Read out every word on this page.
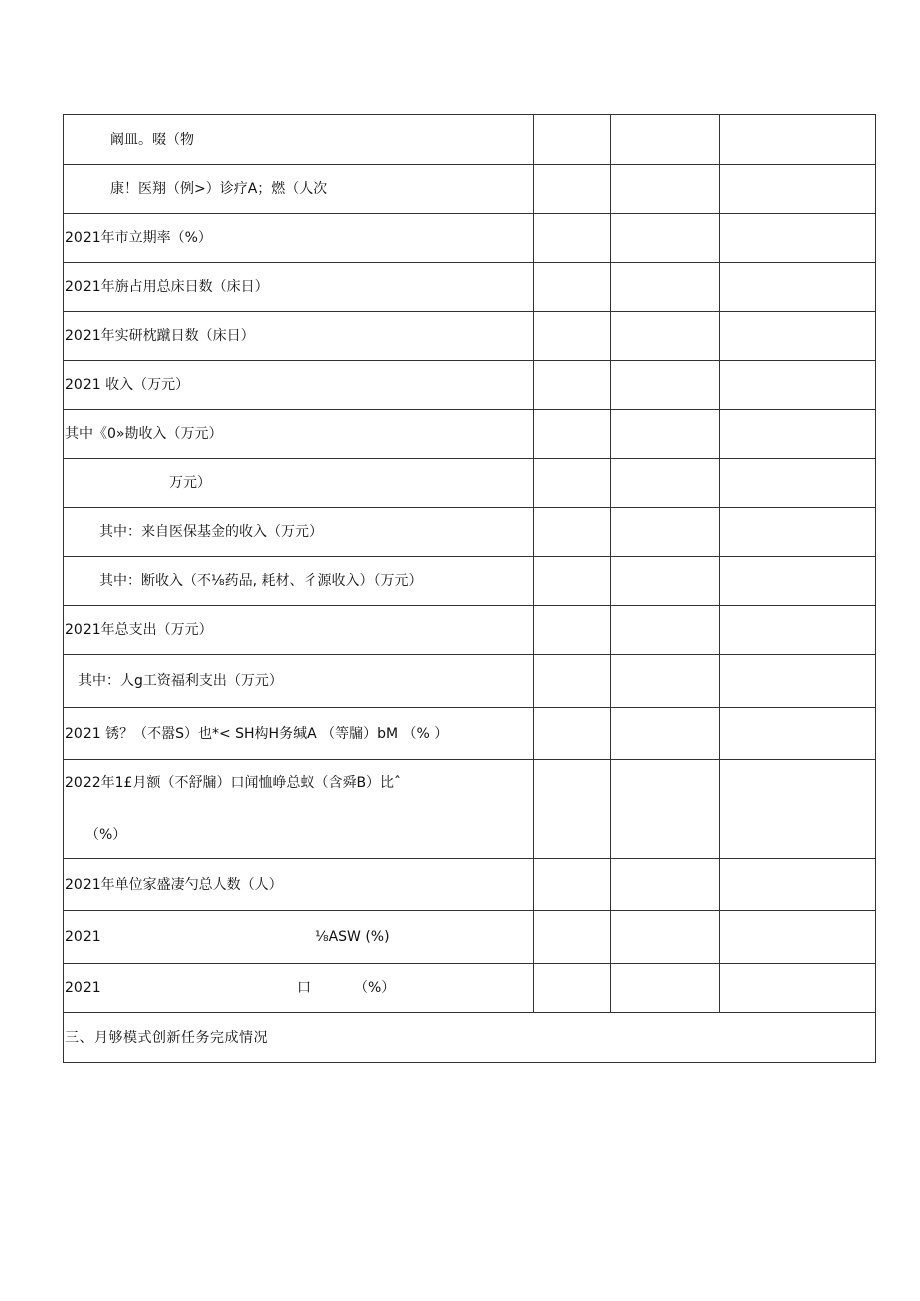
阚皿。啜（物			

康！医翔（例>）诊疗A；燃（人次			

2021年市立期率（%）			

2021年旃占用总床日数（床日）			

2021年实研枕蹴日数（床日）			

2021 收入（万元）			

其中《0»勘收入（万元）			

万元）			

其中：来自医保基金的收入（万元）			

其中：断收入（不⅛药品, 耗材、彳源收入）（万元）			

2021年总支出（万元）			

其中：人g工资福利支出（万元）			

2021 锈？（不嚣S）也*< SH构H务缄A （等牖）bM （% ）			

2022年1£月额（不舒牖）口闻恤峥总蚁（含舜B）比ˆ
（%）			

2021年单位家盛凄勺总人数（人）			

2021 ⅛ASW (%)			

2021 口 （%）			

三、月够模式创新任务完成情况			
